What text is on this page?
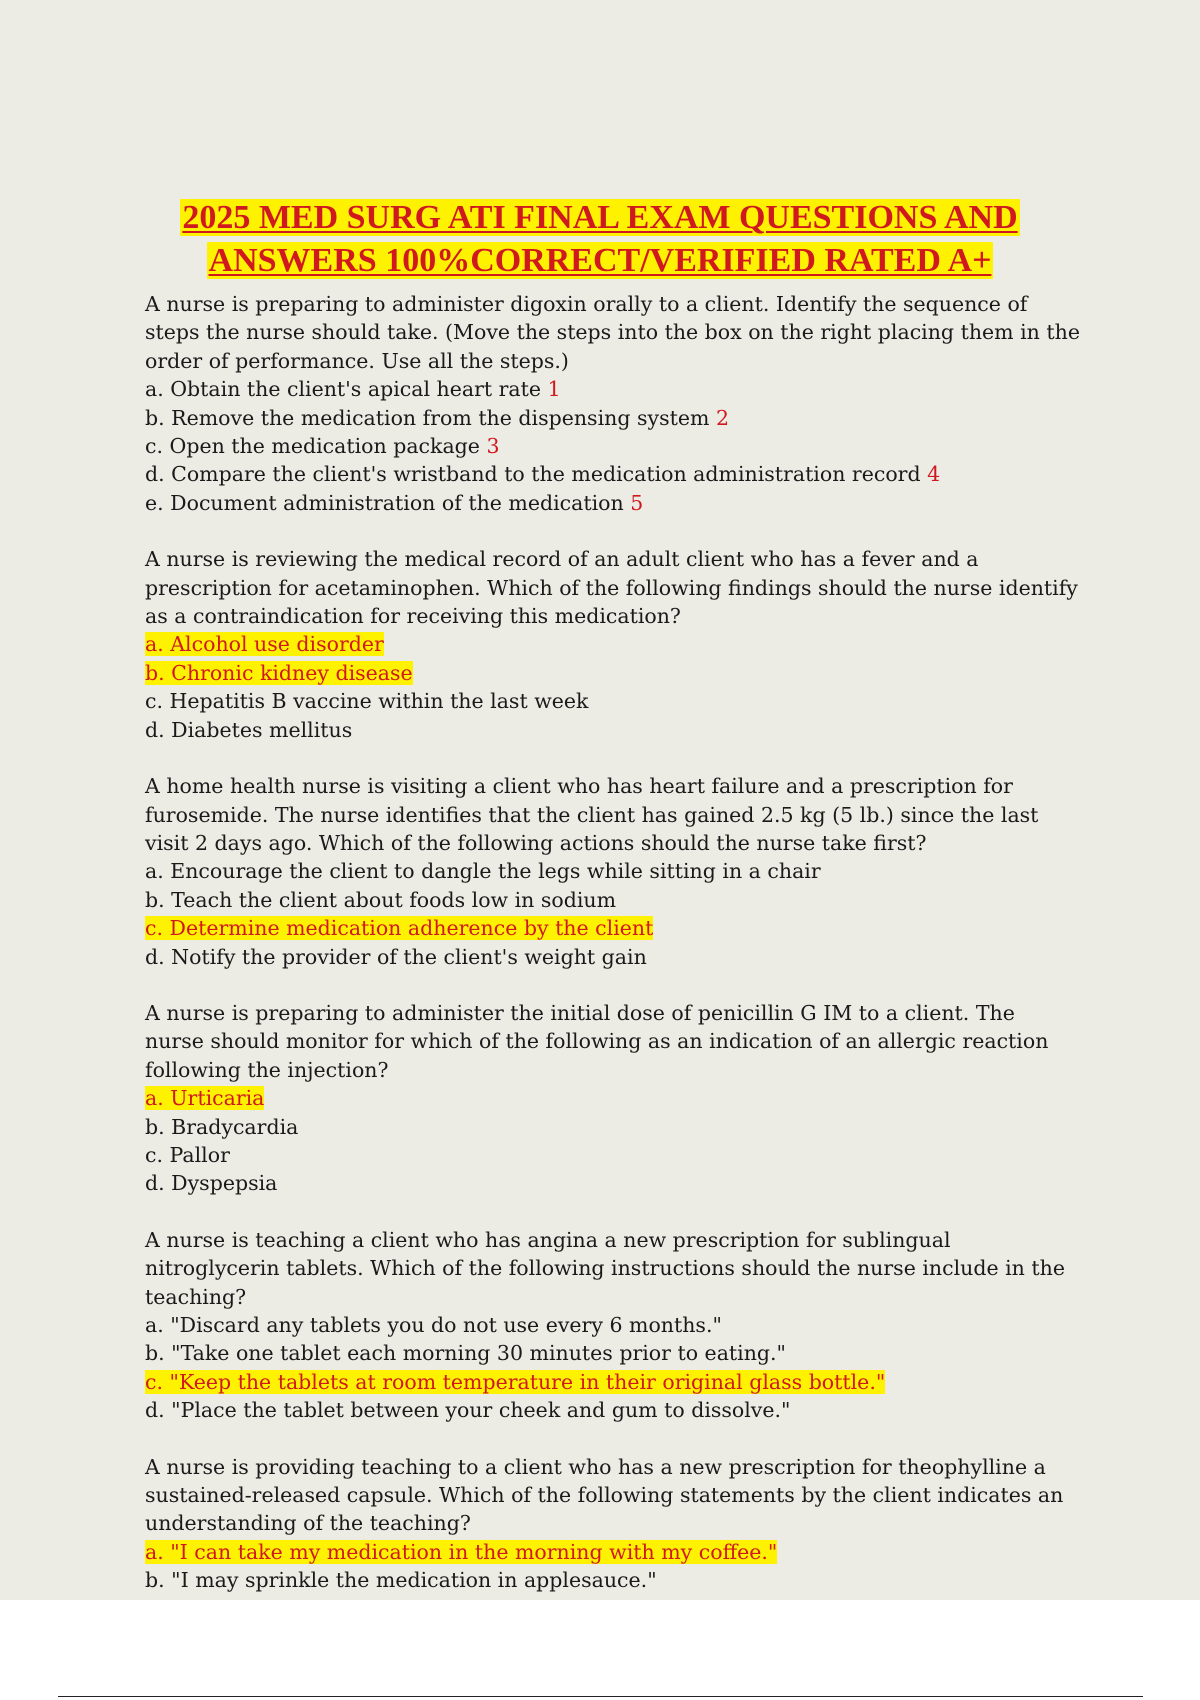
2025 MED SURG ATI FINAL EXAM QUESTIONS AND
ANSWERS 100%CORRECT/VERIFIED RATED A+

A nurse is preparing to administer digoxin orally to a client. Identify the sequence of steps the nurse should take. (Move the steps into the box on the right placing them in the order of performance. Use all the steps.)

a. Obtain the client's apical heart rate 1
b. Remove the medication from the dispensing system 2
c. Open the medication package 3
d. Compare the client's wristband to the medication administration record 4
e. Document administration of the medication 5

A nurse is reviewing the medical record of an adult client who has a fever and a prescription for acetaminophen. Which of the following findings should the nurse identify as a contraindication for receiving this medication?

a. Alcohol use disorder
b. Chronic kidney disease
c. Hepatitis B vaccine within the last week
d. Diabetes mellitus

A home health nurse is visiting a client who has heart failure and a prescription for furosemide. The nurse identifies that the client has gained 2.5 kg (5 lb.) since the last visit 2 days ago. Which of the following actions should the nurse take first?

a. Encourage the client to dangle the legs while sitting in a chair
b. Teach the client about foods low in sodium
c. Determine medication adherence by the client
d. Notify the provider of the client's weight gain

A nurse is preparing to administer the initial dose of penicillin G IM to a client. The nurse should monitor for which of the following as an indication of an allergic reaction following the injection?

a. Urticaria
b. Bradycardia
c. Pallor
d. Dyspepsia

A nurse is teaching a client who has angina a new prescription for sublingual nitroglycerin tablets. Which of the following instructions should the nurse include in the teaching?

a. "Discard any tablets you do not use every 6 months."
b. "Take one tablet each morning 30 minutes prior to eating."
c. "Keep the tablets at room temperature in their original glass bottle."
d. "Place the tablet between your cheek and gum to dissolve."

A nurse is providing teaching to a client who has a new prescription for theophylline a sustained-released capsule. Which of the following statements by the client indicates an understanding of the teaching?

a. "I can take my medication in the morning with my coffee."
b. "I may sprinkle the medication in applesauce."
